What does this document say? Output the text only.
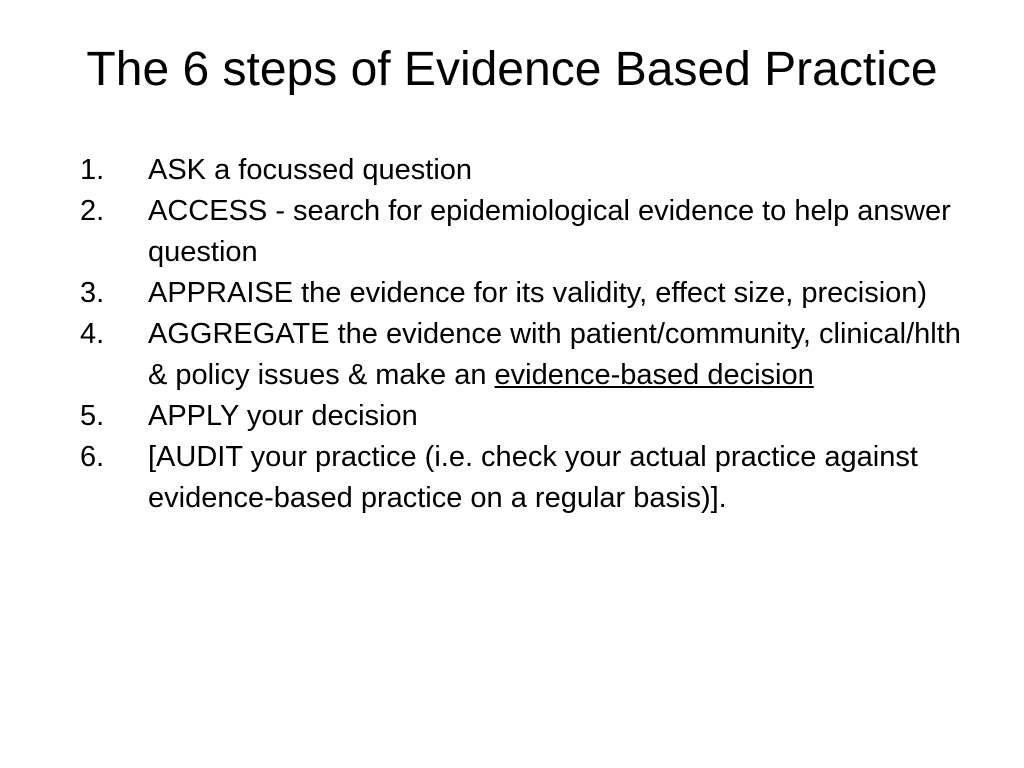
The 6 steps of Evidence Based Practice
1. ASK a focussed question
2. ACCESS - search for epidemiological evidence to help answer question
3. APPRAISE the evidence for its validity, effect size, precision)
4. AGGREGATE the evidence with patient/community, clinical/hlth & policy issues & make an evidence-based decision
5. APPLY your decision
6. [AUDIT your practice (i.e. check your actual practice against evidence-based practice on a regular basis)].
